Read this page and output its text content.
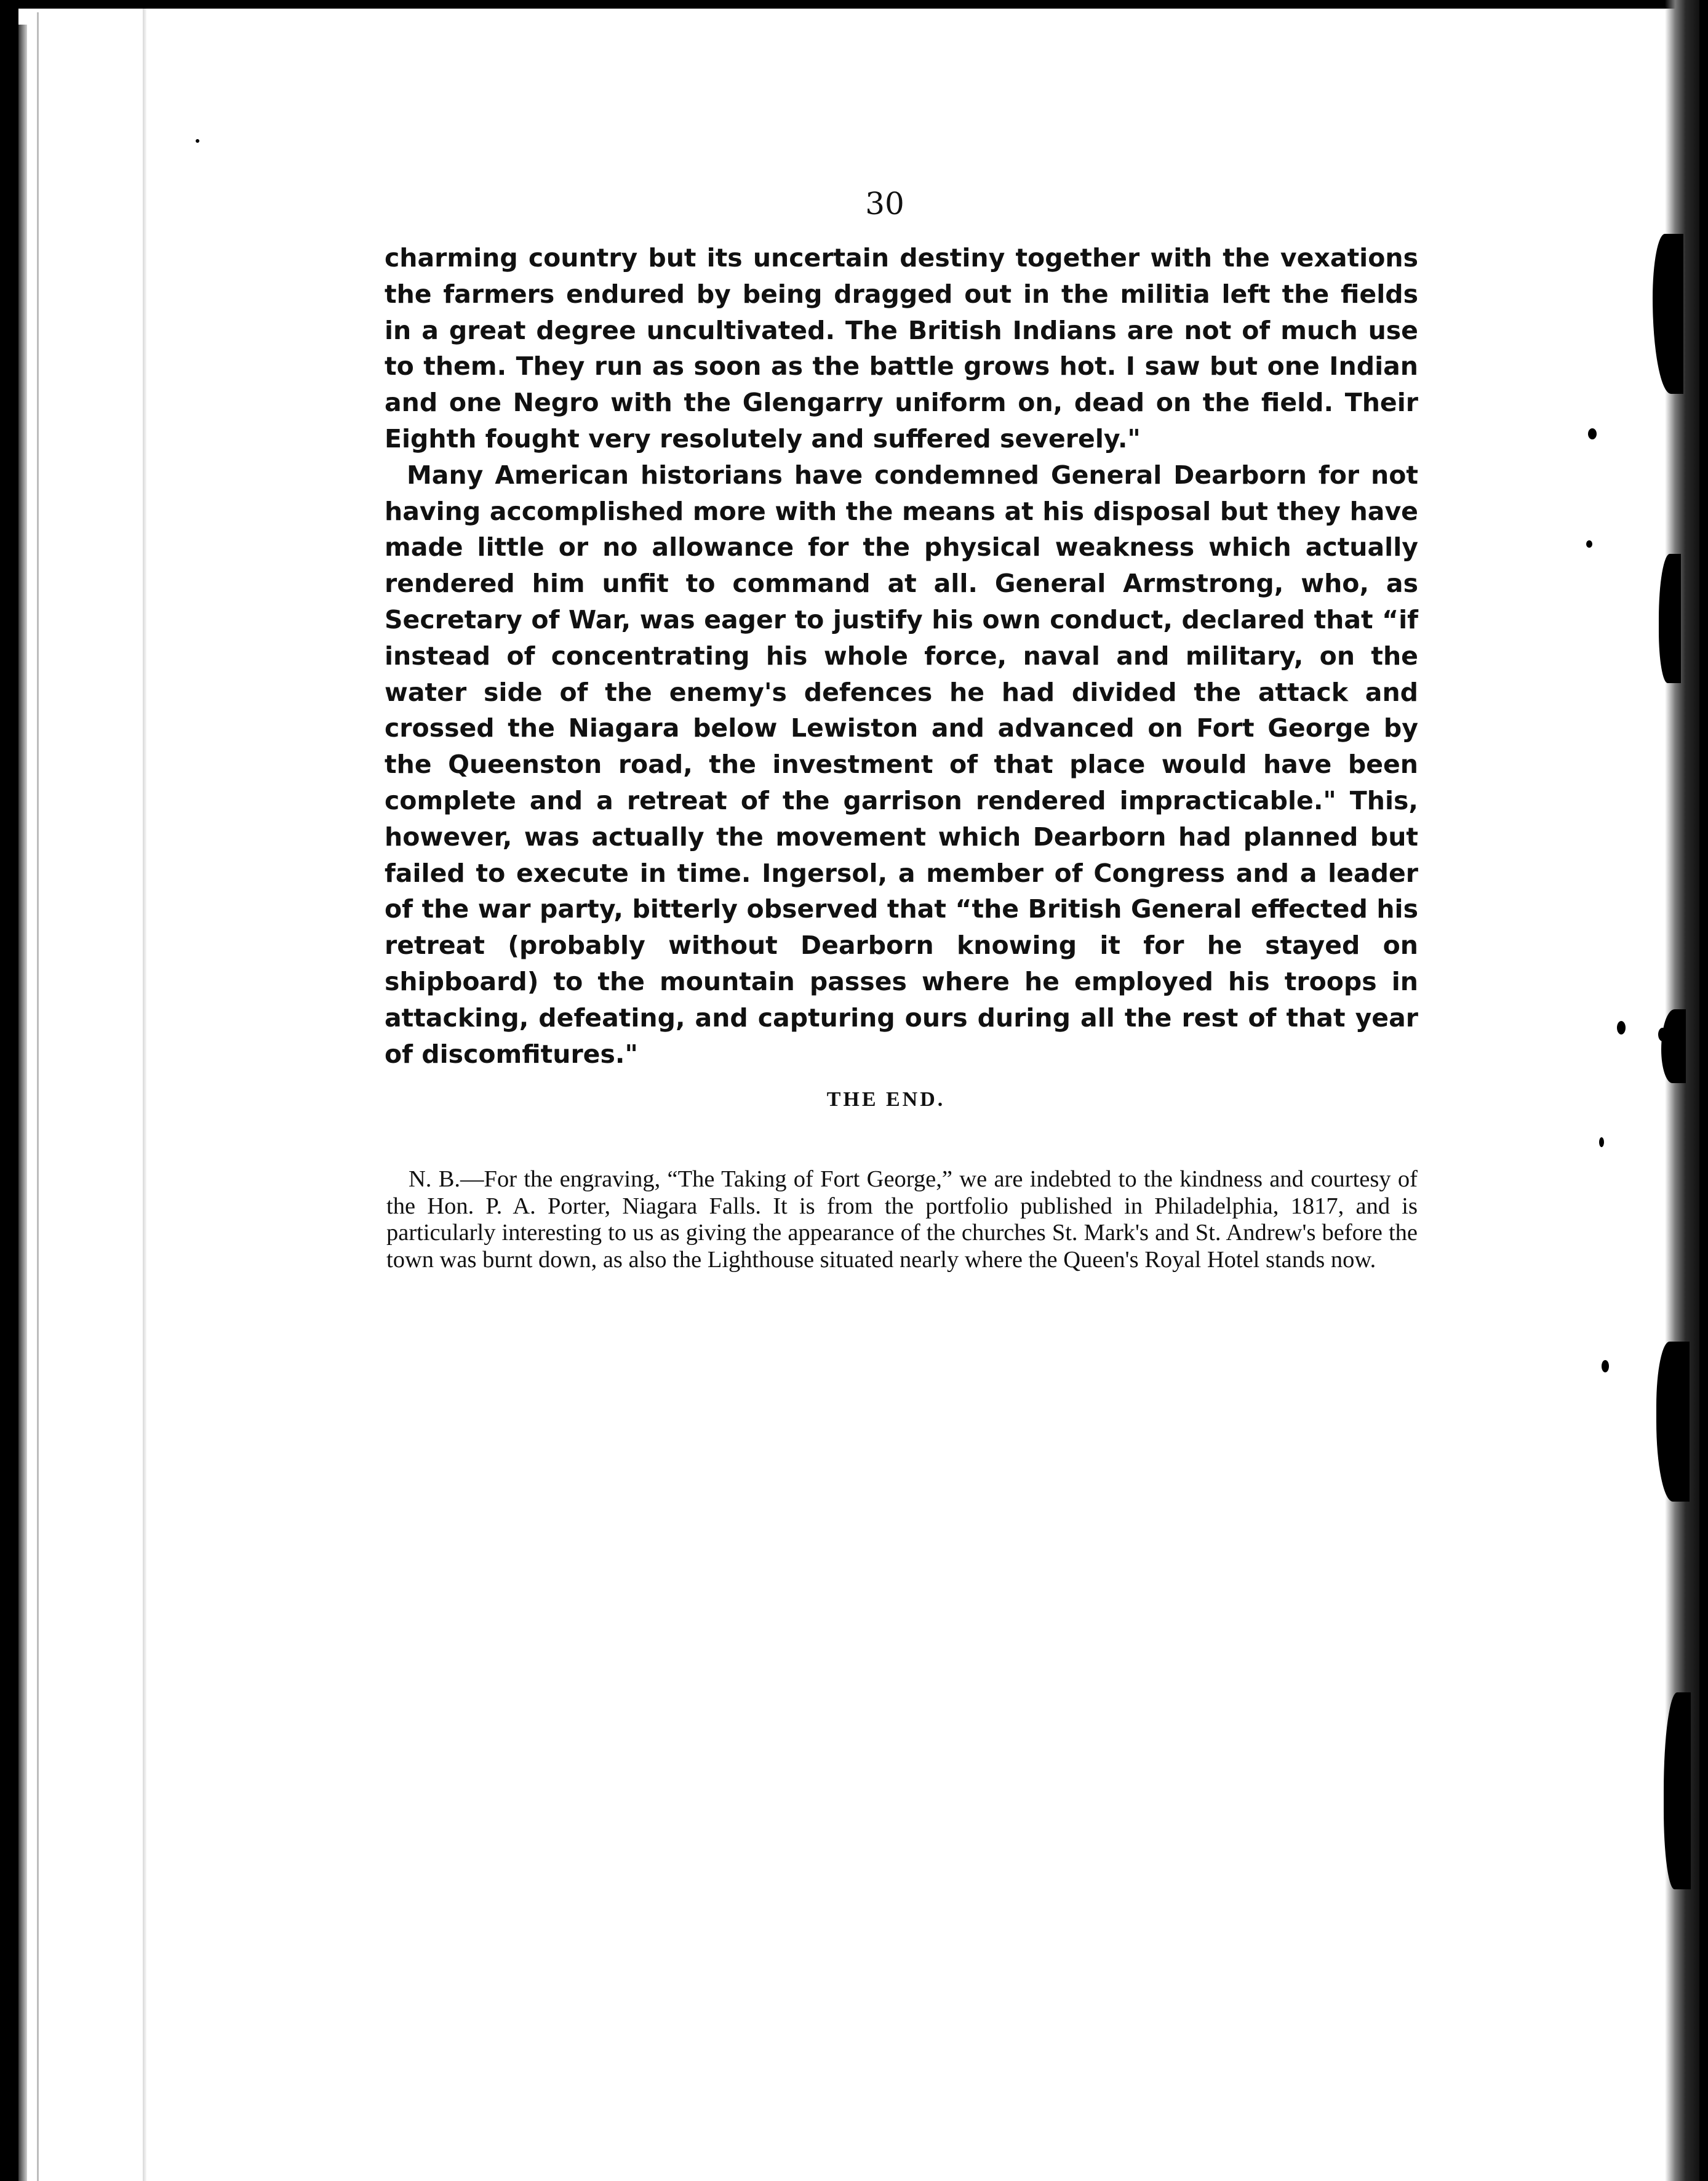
30

charming country but its uncertain destiny together with the vexations the farmers endured by being dragged out in the militia left the fields in a great degree uncultivated. The British Indians are not of much use to them. They run as soon as the battle grows hot. I saw but one Indian and one Negro with the Glengarry uniform on, dead on the field. Their Eighth fought very resolutely and suffered severely."

Many American historians have condemned General Dearborn for not having accomplished more with the means at his disposal but they have made little or no allowance for the physical weakness which actually rendered him unfit to command at all. General Armstrong, who, as Secretary of War, was eager to justify his own conduct, declared that “if instead of concentrating his whole force, naval and military, on the water side of the enemy's defences he had divided the attack and crossed the Niagara below Lewiston and advanced on Fort George by the Queenston road, the investment of that place would have been complete and a retreat of the garrison rendered impracticable." This, however, was actually the movement which Dearborn had planned but failed to execute in time. Ingersol, a member of Congress and a leader of the war party, bitterly observed that “the British General effected his retreat (probably without Dearborn knowing it for he stayed on shipboard) to the mountain passes where he employed his troops in attacking, defeating, and capturing ours during all the rest of that year of discomfitures."

THE END.
N. B.—For the engraving, “The Taking of Fort George,” we are indebted to the kindness and courtesy of the Hon. P. A. Porter, Niagara Falls. It is from the portfolio published in Philadelphia, 1817, and is particularly interesting to us as giving the appearance of the churches St. Mark's and St. Andrew's before the town was burnt down, as also the Lighthouse situated nearly where the Queen's Royal Hotel stands now.
